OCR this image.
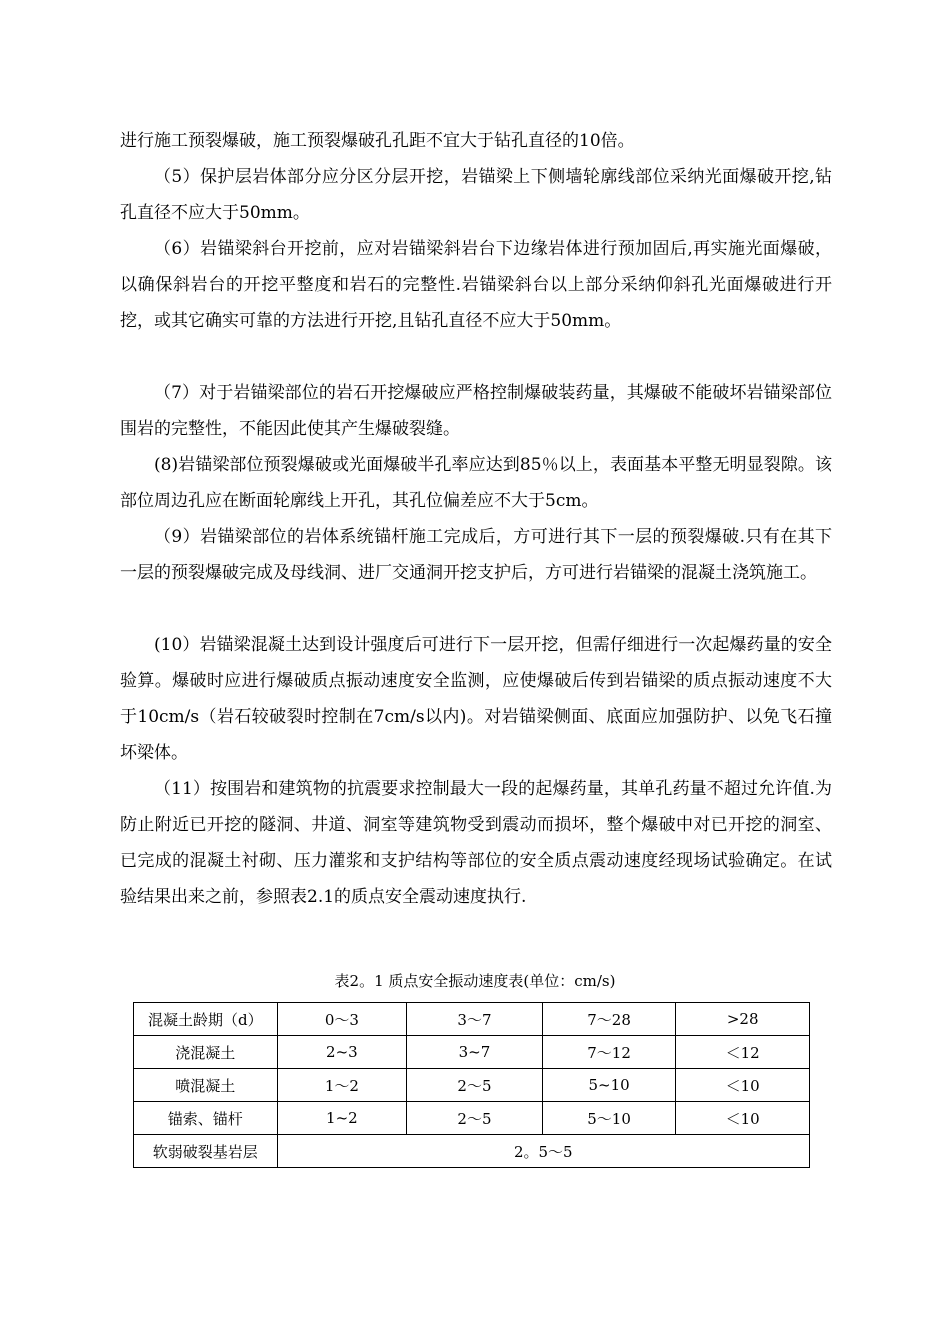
进行施工预裂爆破，施工预裂爆破孔孔距不宜大于钻孔直径的10倍。

（5）保护层岩体部分应分区分层开挖，岩锚梁上下侧墙轮廓线部位采纳光面爆破开挖,钻孔直径不应大于50mm。

（6）岩锚梁斜台开挖前，应对岩锚梁斜岩台下边缘岩体进行预加固后,再实施光面爆破，以确保斜岩台的开挖平整度和岩石的完整性.岩锚梁斜台以上部分采纳仰斜孔光面爆破进行开挖，或其它确实可靠的方法进行开挖,且钻孔直径不应大于50mm。

（7）对于岩锚梁部位的岩石开挖爆破应严格控制爆破装药量，其爆破不能破坏岩锚梁部位围岩的完整性，不能因此使其产生爆破裂缝。

(8)岩锚梁部位预裂爆破或光面爆破半孔率应达到85％以上，表面基本平整无明显裂隙。该部位周边孔应在断面轮廓线上开孔，其孔位偏差应不大于5cm。

（9）岩锚梁部位的岩体系统锚杆施工完成后，方可进行其下一层的预裂爆破.只有在其下一层的预裂爆破完成及母线洞、进厂交通洞开挖支护后，方可进行岩锚梁的混凝土浇筑施工。

(10）岩锚梁混凝土达到设计强度后可进行下一层开挖，但需仔细进行一次起爆药量的安全验算。爆破时应进行爆破质点振动速度安全监测，应使爆破后传到岩锚梁的质点振动速度不大于10cm/s（岩石较破裂时控制在7cm/s以内)。对岩锚梁侧面、底面应加强防护、以免飞石撞坏梁体。

（11）按围岩和建筑物的抗震要求控制最大一段的起爆药量，其单孔药量不超过允许值.为防止附近已开挖的隧洞、井道、洞室等建筑物受到震动而损坏，整个爆破中对已开挖的洞室、已完成的混凝土衬砌、压力灌浆和支护结构等部位的安全质点震动速度经现场试验确定。在试验结果出来之前，参照表2.1的质点安全震动速度执行.

表2。1 质点安全振动速度表(单位：cm/s)

混凝土龄期（d）	0～3	3～7	7～28	>28
浇混凝土	2~3	3~7	7～12	＜12
喷混凝土	1～2	2～5	5~10	＜10
锚索、锚杆	1~2	2～5	5～10	＜10
软弱破裂基岩层	2。5～5			
